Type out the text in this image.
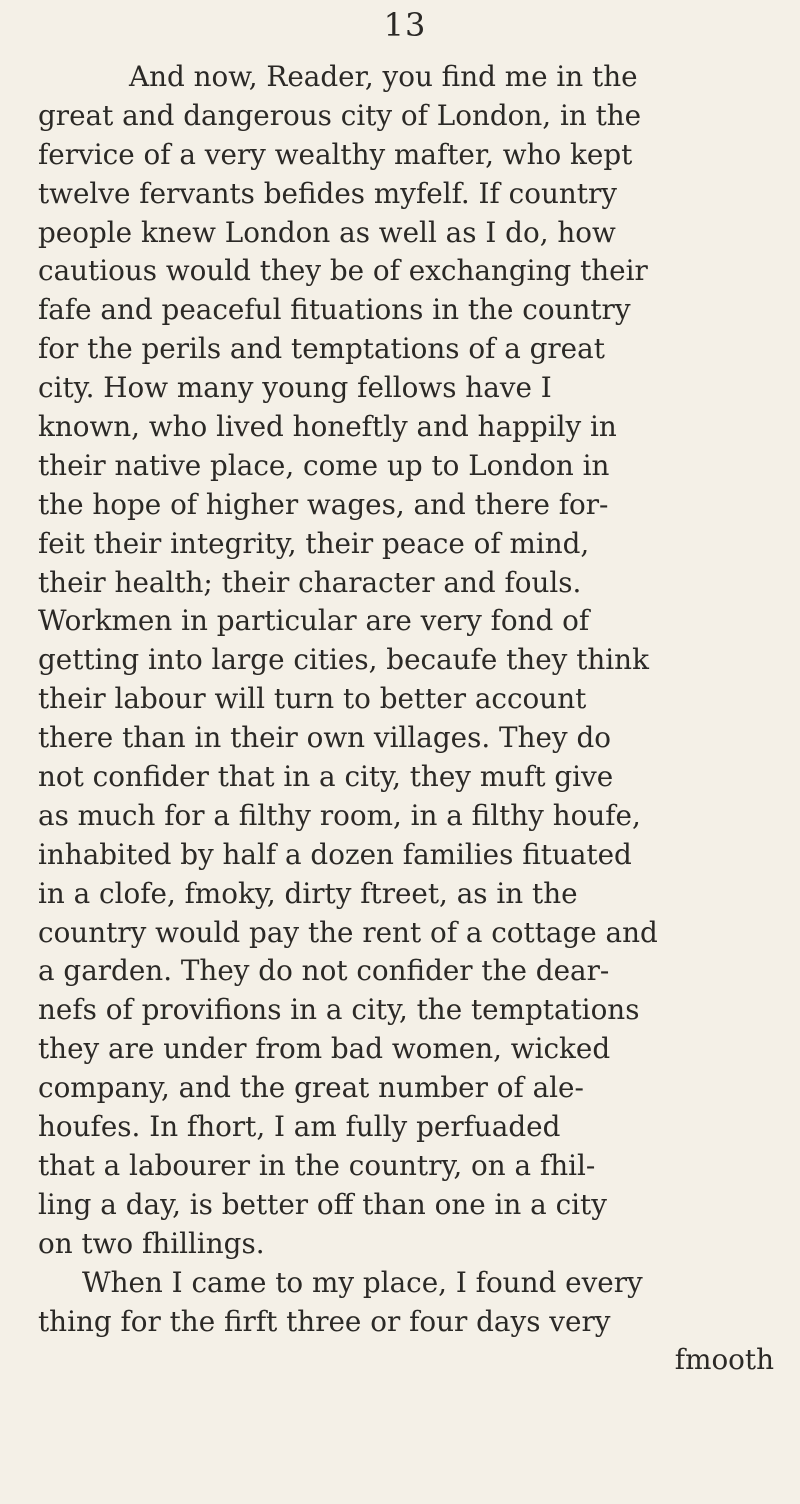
13
And now, Reader, you find me in the
great and dangerous city of London, in the
fervice of a very wealthy mafter, who kept
twelve fervants befides myfelf. If country
people knew London as well as I do, how
cautious would they be of exchanging their
fafe and peaceful fituations in the country
for the perils and temptations of a great
city. How many young fellows have I
known, who lived honeftly and happily in
their native place, come up to London in
the hope of higher wages, and there for-
feit their integrity, their peace of mind,
their health; their character and fouls.
Workmen in particular are very fond of
getting into large cities, becaufe they think
their labour will turn to better account
there than in their own villages. They do
not confider that in a city, they muft give
as much for a filthy room, in a filthy houfe,
inhabited by half a dozen families fituated
in a clofe, fmoky, dirty ftreet, as in the
country would pay the rent of a cottage and
a garden. They do not confider the dear-
nefs of provifions in a city, the temptations
they are under from bad women, wicked
company, and the great number of ale-
houfes. In fhort, I am fully perfuaded
that a labourer in the country, on a fhil-
ling a day, is better off than one in a city
on two fhillings.
When I came to my place, I found every
thing for the firft three or four days very
fmooth
